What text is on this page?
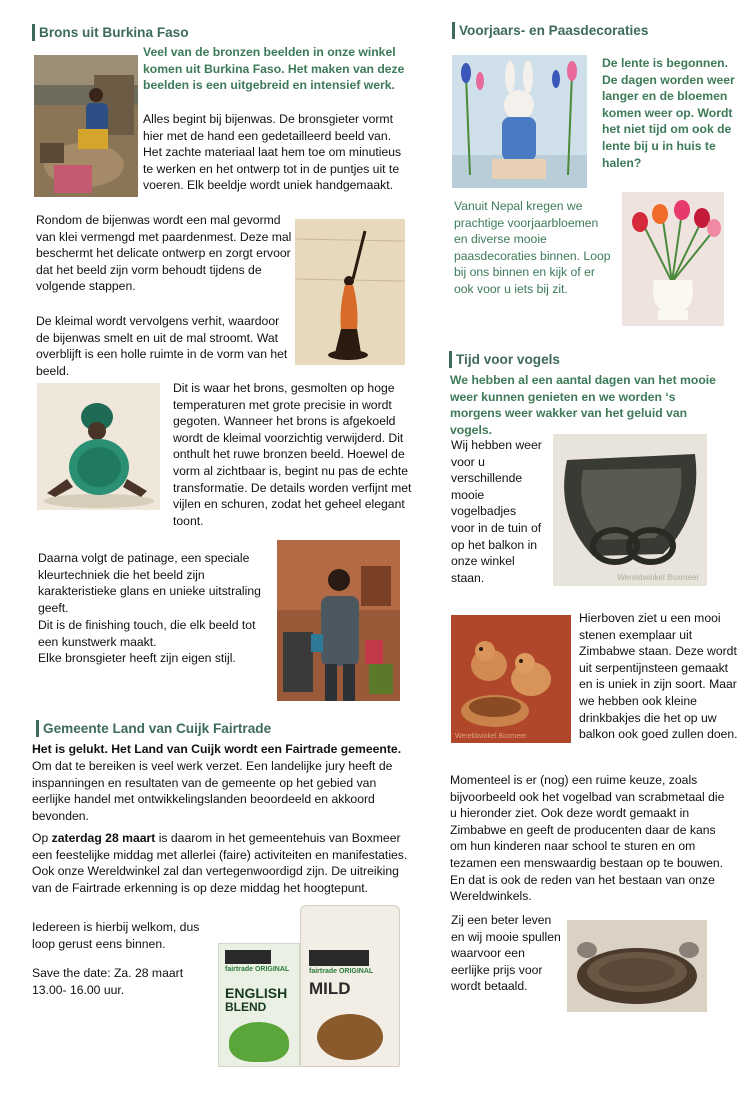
Brons uit Burkina Faso
Veel van de bronzen beelden in onze winkel komen uit Burkina Faso. Het maken van deze beelden is een uitgebreid en intensief werk.

Alles begint bij bijenwas. De bronsgieter vormt hier met de hand een gedetailleerd beeld van. Het zachte materiaal laat hem toe om minutieus te werken en het ontwerp tot in de puntjes uit te voeren. Elk beeldje wordt uniek handgemaakt.

Rondom de bijenwas wordt een mal gevormd van klei vermengd met paardenmest. Deze mal beschermt het delicate ontwerp en zorgt ervoor dat het beeld zijn vorm behoudt tijdens de volgende stappen.

De kleimal wordt vervolgens verhit, waardoor de bijenwas smelt en uit de mal stroomt. Wat overblijft is een holle ruimte in de vorm van het beeld.

Dit is waar het brons, gesmolten op hoge temperaturen met grote precisie in wordt gegoten. Wanneer het brons is afgekoeld wordt de kleimal voorzichtig verwijderd. Dit onthult het ruwe bronzen beeld. Hoewel de vorm al zichtbaar is, begint nu pas de echte transformatie. De details worden verfijnt met vijlen en schuren, zodat het geheel elegant toont.

Daarna volgt de patinage, een speciale kleurtechniek die het beeld zijn karakteristieke glans en unieke uitstraling geeft.

Dit is de finishing touch, die elk beeld tot een kunstwerk maakt.

Elke bronsgieter heeft zijn eigen stijl.

Gemeente Land van Cuijk Fairtrade

Het is gelukt. Het Land van Cuijk wordt een Fairtrade gemeente.

Om dat te bereiken is veel werk verzet. Een landelijke jury heeft de inspanningen en resultaten van de gemeente op het gebied van eerlijke handel met ontwikkelingslanden beoordeeld en akkoord bevonden.

Op zaterdag 28 maart is daarom in het gemeentehuis van Boxmeer een feestelijke middag met allerlei (faire) activiteiten en manifestaties. Ook onze Wereldwinkel zal dan vertegenwoordigd zijn. De uitreiking van de Fairtrade erkenning is op deze middag het hoogtepunt.

Iedereen is hierbij welkom, dus loop gerust eens binnen.

Save the date: Za. 28 maart

13.00- 16.00 uur.

fairtrade ORIGINAL
ENGLISH
BLEND
fairtrade ORIGINAL
MILD
Voorjaars- en Paasdecoraties
De lente is begonnen. De dagen worden weer langer en de bloemen komen weer op. Wordt het niet tijd om ook de lente bij u in huis te halen?

Vanuit Nepal kregen we prachtige voorjaarbloemen en diverse mooie paasdecoraties binnen. Loop bij ons binnen en kijk of er ook voor u iets bij zit.

Tijd voor vogels
We hebben al een aantal dagen van het mooie weer kunnen genieten en we worden ‘s morgens weer wakker van het geluid van vogels.

Wij hebben weer voor u verschillende mooie vogelbadjes voor in de tuin of op het balkon in onze winkel staan.	Wereldwinkel Boxmeer
Wereldwinkel Boxmeer

Hierboven ziet u een mooi stenen exemplaar uit Zimbabwe staan. Deze wordt uit serpentijnsteen gemaakt en is uniek in zijn soort. Maar we hebben ook kleine drinkbakjes die het op uw balkon ook goed zullen doen.

Momenteel is er (nog) een ruime keuze, zoals bijvoorbeeld ook het vogelbad van scrabmetaal die u hieronder ziet. Ook deze wordt gemaakt in Zimbabwe en geeft de producenten daar de kans om hun kinderen naar school te sturen en om tezamen een menswaardig bestaan op te bouwen. En dat is ook de reden van het bestaan van onze Wereldwinkels.

Zij een beter leven en wij mooie spullen waarvoor een eerlijke prijs voor wordt betaald.
